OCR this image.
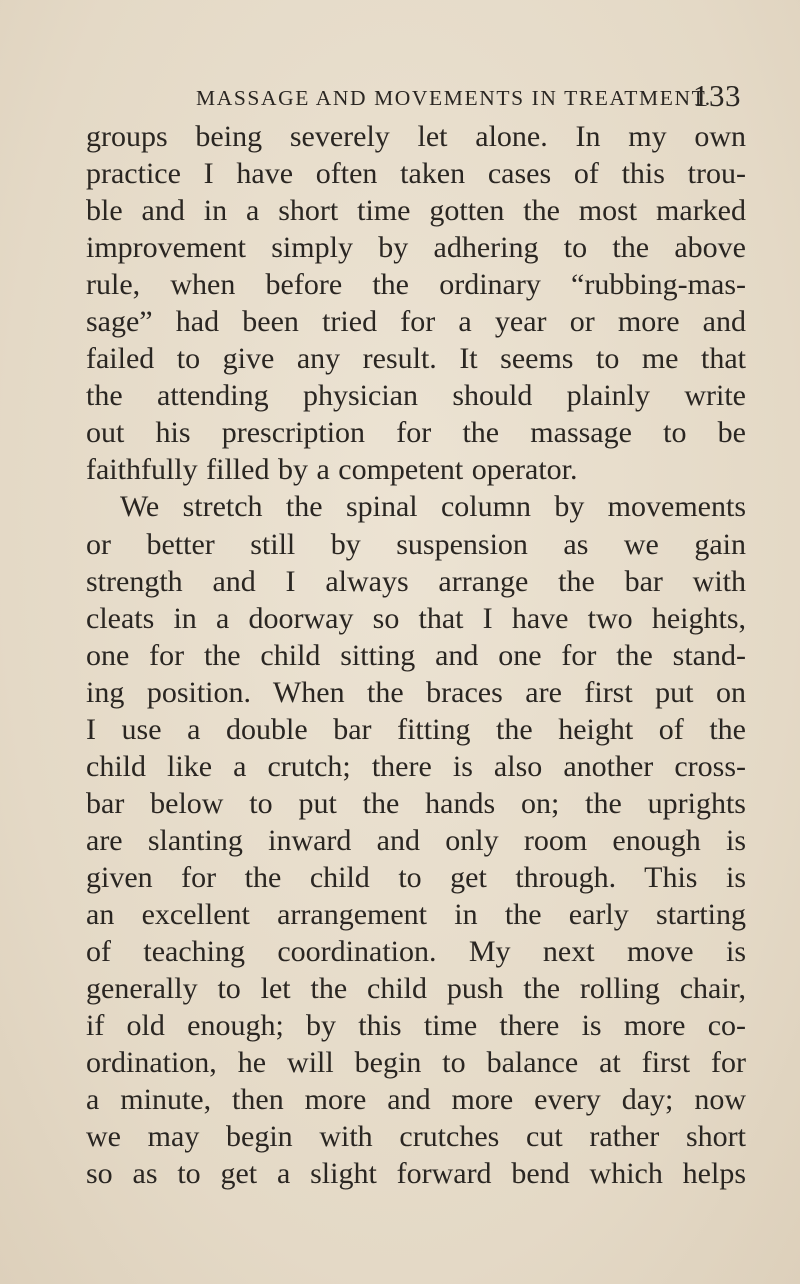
MASSAGE AND MOVEMENTS IN TREATMENT.
133
groups being severely let alone. In my own
practice I have often taken cases of this trou-
ble and in a short time gotten the most marked
improvement simply by adhering to the above
rule, when before the ordinary “rubbing-mas-
sage” had been tried for a year or more and
failed to give any result. It seems to me that
the attending physician should plainly write
out his prescription for the massage to be
faithfully filled by a competent operator.
We stretch the spinal column by movements
or better still by suspension as we gain
strength and I always arrange the bar with
cleats in a doorway so that I have two heights,
one for the child sitting and one for the stand-
ing position. When the braces are first put on
I use a double bar fitting the height of the
child like a crutch; there is also another cross-
bar below to put the hands on; the uprights
are slanting inward and only room enough is
given for the child to get through. This is
an excellent arrangement in the early starting
of teaching coordination. My next move is
generally to let the child push the rolling chair,
if old enough; by this time there is more co-
ordination, he will begin to balance at first for
a minute, then more and more every day; now
we may begin with crutches cut rather short
so as to get a slight forward bend which helps
